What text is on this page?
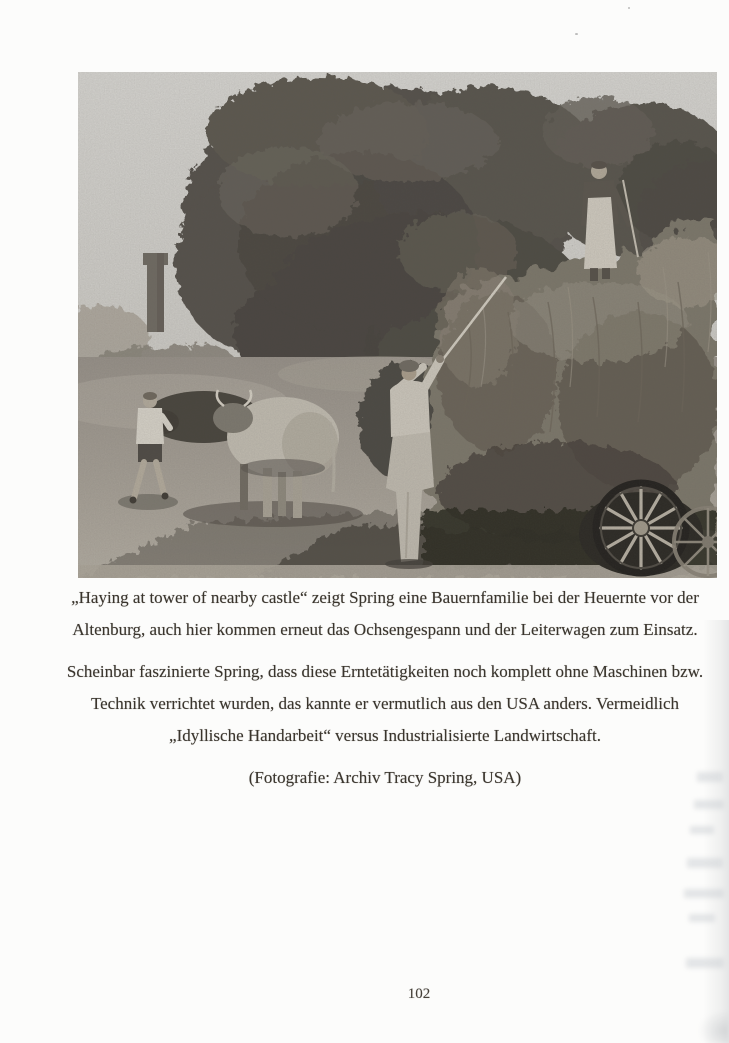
„Haying at tower of nearby castle“ zeigt Spring eine Bauernfamilie bei der Heuernte vor der
Altenburg, auch hier kommen erneut das Ochsengespann und der Leiterwagen zum Einsatz.
Scheinbar faszinierte Spring, dass diese Erntetätigkeiten noch komplett ohne Maschinen bzw.
Technik verrichtet wurden, das kannte er vermutlich aus den USA anders. Vermeidlich
„Idyllische Handarbeit“ versus Industrialisierte Landwirtschaft.
(Fotografie: Archiv Tracy Spring, USA)
102
